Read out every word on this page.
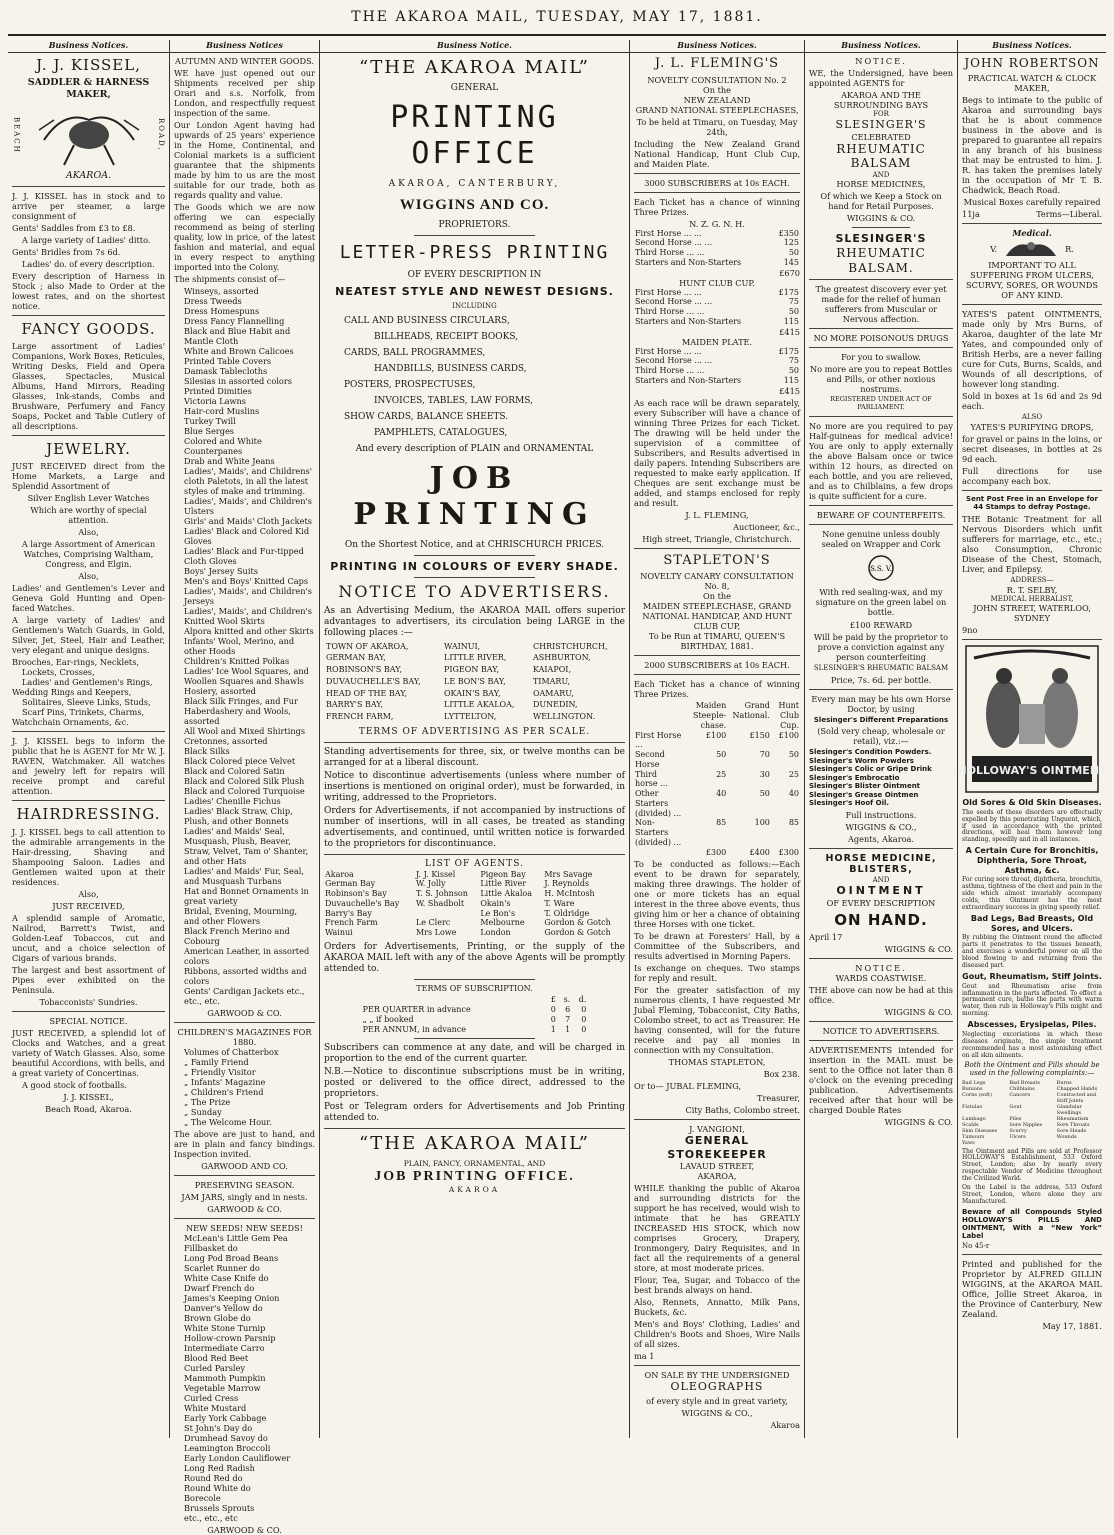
THE AKAROA MAIL, TUESDAY, MAY 17, 1881.
Business Notices.
J. J. KISSEL,
SADDLER & HARNESS MAKER,
BEACH	ROAD,
AKAROA.

J. J. KISSEL has in stock and to arrive per steamer, a large consignment of

Gents' Saddles from £3 to £8.

A large variety of Ladies' ditto.

Gents' Bridles from 7s 6d.

Ladies' do. of every description.

Every description of Harness in Stock ; also Made to Order at the lowest rates, and on the shortest notice.

FANCY GOODS.

Large assortment of Ladies' Companions, Work Boxes, Reticules, Writing Desks, Field and Opera Glasses, Spectacles, Musical Albums, Hand Mirrors, Reading Glasses, Ink-stands, Combs and Brushware, Perfumery and Fancy Soaps, Pocket and Table Cutlery of all descriptions.

JEWELRY.

JUST RECEIVED direct from the Home Markets, a Large and Splendid Assortment of

Silver English Lever Watches

Which are worthy of special attention.

Also,

A large Assortment of American Watches, Comprising Waltham, Congress, and Elgin.

Also,

Ladies' and Gentlemen's Lever and Geneva Gold Hunting and Open-faced Watches.

A large variety of Ladies' and Gentlemen's Watch Guards, in Gold, Silver, Jet, Steel, Hair and Leather, very elegant and unique designs.

Brooches, Ear-rings, Necklets,
Lockets, Crosses,
Ladies' and Gentlemen's Rings,
Wedding Rings and Keepers,
Solitaires, Sleeve Links, Studs,
Scarf Pins, Trinkets, Charms,
Watchchain Ornaments, &c.

J. J. KISSEL begs to inform the public that he is AGENT for Mr W. J. RAVEN, Watchmaker. All watches and jewelry left for repairs will receive prompt and careful attention.

HAIRDRESSING.

J. J. KISSEL begs to call attention to the admirable arrangements in the Hair-dressing, Shaving and Shampooing Saloon. Ladies and Gentlemen waited upon at their residences.

Also,

JUST RECEIVED,

A splendid sample of Aromatic, Nailrod, Barrett's Twist, and Golden-Leaf Tobaccos, cut and uncut, and a choice selection of Cigars of various brands.

The largest and best assortment of Pipes ever exhibited on the Peninsula.

Tobacconists' Sundries.

SPECIAL NOTICE.

JUST RECEIVED, a splendid lot of Clocks and Watches, and a great variety of Watch Glasses. Also, some beautiful Accordions, with bells, and a great variety of Concertinas.

A good stock of footballs.

J. J. KISSEL,

Beach Road, Akaroa.

Business Notices
AUTUMN AND WINTER GOODS.

WE have just opened out our Shipments received per ship Orari and s.s. Norfolk, from London, and respectfully request inspection of the same.

Our London Agent having had upwards of 25 years' experience in the Home, Continental, and Colonial markets is a sufficient guarantee that the shipments made by him to us are the most suitable for our trade, both as regards quality and value.

The Goods which we are now offering we can especially recommend as being of sterling quality, low in price, of the latest fashion and material, and equal in every respect to anything imported into the Colony.

The shipments consist of—

Winseys, assorted
Dress Tweeds
Dress Homespuns
Dress Fancy Flannelling
Black and Blue Habit and Mantle Cloth
White and Brown Calicoes
Printed Table Covers
Damask Tablecloths
Silesias in assorted colors
Printed Dimities
Victoria Lawns
Hair-cord Muslins
Turkey Twill
Blue Serges
Colored and White Counterpanes
Drab and White Jeans
Ladies', Maids', and Childrens' cloth Paletots, in all the latest styles of make and trimming.
Ladies', Maids', and Children's Ulsters
Girls' and Maids' Cloth Jackets
Ladies' Black and Colored Kid Gloves
Ladies' Black and Fur-tipped Cloth Gloves
Boys' Jersey Suits
Men's and Boys' Knitted Caps
Ladies', Maids', and Children's Jerseys
Ladies', Maids', and Children's Knitted Wool Skirts
Alpora knitted and other Skirts
Infants' Wool, Merino, and other Hoods
Children's Knitted Polkas
Ladies' Ice Wool Squares, and Woollen Squares and Shawls
Hosiery, assorted
Black Silk Fringes, and Fur
Haberdashery and Wools, assorted
All Wool and Mixed Shirtings
Cretonnes, assorted
Black Silks
Black Colored piece Velvet
Black and Colored Satin
Black and Colored Silk Plush
Black and Colored Turquoise
Ladies' Chenille Fichus
Ladies' Black Straw, Chip, Plush, and other Bonnets
Ladies' and Maids' Seal, Musquash, Plush, Beaver, Straw, Velvet, Tam o' Shanter, and other Hats
Ladies' and Maids' Fur, Seal, and Musquash Turbans
Hat and Bonnet Ornaments in great variety
Bridal, Evening, Mourning, and other Flowers
Black French Merino and Cobourg
American Leather, in assorted colors
Ribbons, assorted widths and colors
Gents' Cardigan Jackets etc., etc., etc.

GARWOOD & CO.

CHILDREN'S MAGAZINES FOR 1880.
Volumes of Chatterbox
„ Family Friend
„ Friendly Visitor
„ Infants' Magazine
„ Children's Friend
„ The Prize
„ Sunday
„ The Welcome Hour.

The above are just to hand, and are in plain and fancy bindings. Inspection invited.

GARWOOD AND CO.

PRESERVING SEASON.

JAM JARS, singly and in nests.

GARWOOD & CO.

NEW SEEDS! NEW SEEDS!
McLean's Little Gem Pea
Fillbasket do
Long Pod Broad Beans
Scarlet Runner do
White Case Knife do
Dwarf French do
James's Keeping Onion
Danver's Yellow do
Brown Globe do
White Stone Turnip
Hollow-crown Parsnip
Intermediate Carro
Blood Red Beet
Curled Parsley
Mammoth Pumpkin
Vegetable Marrow
Curled Cress
White Mustard
Early York Cabbage
St John's Day do
Drumhead Savoy do
Leamington Broccoli
Early London Cauliflower
Long Red Radish
Round Red do
Round White do
Borecole
Brussels Sprouts
etc., etc., etc

GARWOOD & CO.

Business Notice.
“THE AKAROA MAIL”
GENERAL
PRINTING OFFICE
AKAROA, CANTERBURY,
WIGGINS AND CO.
PROPRIETORS.
LETTER-PRESS PRINTING
OF EVERY DESCRIPTION IN
NEATEST STYLE AND NEWEST DESIGNS.
INCLUDING
CALL AND BUSINESS CIRCULARS,
BILLHEADS, RECEIPT BOOKS,
CARDS, BALL PROGRAMMES,
HANDBILLS, BUSINESS CARDS,
POSTERS, PROSPECTUSES,
INVOICES, TABLES, LAW FORMS,
SHOW CARDS, BALANCE SHEETS.
PAMPHLETS, CATALOGUES,
And every description of PLAIN and ORNAMENTAL
JOB PRINTING
On the Shortest Notice, and at CHRISCHURCH PRICES.
PRINTING IN COLOURS OF EVERY SHADE.
NOTICE TO ADVERTISERS.

As an Advertising Medium, the AKAROA MAIL offers superior advantages to advertisers, its circulation being LARGE in the following places :—

TOWN OF AKAROA,	WAINUI,	CHRISTCHURCH,
GERMAN BAY,	LITTLE RIVER,	ASHBURTON,
ROBINSON'S BAY,	PIGEON BAY,	KAIAPOI,
DUVAUCHELLE'S BAY,	LE BON'S BAY,	TIMARU,
HEAD OF THE BAY,	OKAIN'S BAY,	OAMARU,
BARRY'S BAY,	LITTLE AKALOA,	DUNEDIN,
FRENCH FARM,	LYTTELTON,	WELLINGTON.
TERMS OF ADVERTISING AS PER SCALE.

Standing advertisements for three, six, or twelve months can be arranged for at a liberal discount.

Notice to discontinue advertisements (unless where number of insertions is mentioned on original order), must be forwarded, in writing, addressed to the Proprietors.

Orders for Advertisements, if not accompanied by instructions of number of insertions, will in all cases, be treated as standing advertisements, and continued, until written notice is forwarded to the proprietors for discontinuance.

LIST OF AGENTS.
Akaroa	J. J. Kissel	Pigeon Bay	Mrs Savage
German Bay	W. Jolly	Little River	J. Reynolds
Robinson's Bay	T. S. Johnson	Little Akaloa	H. McIntosh
Duvauchelle's Bay	W. Shadbolt	Okain's	T. Ware
Barry's Bay		Le Bon's	T. Oldridge
French Farm	Le Clerc	Melbourne	Gordon & Gotch
Wainui	Mrs Lowe	London	Gordon & Gotch

Orders for Advertisements, Printing, or the supply of the AKAROA MAIL left with any of the above Agents will be promptly attended to.

TERMS OF SUBSCRIPTION.
	£	s.	d.
PER QUARTER in advance	0	6	0
„ „ if booked	0	7	0
PER ANNUM, in advance	1	1	0

Subscribers can commence at any date, and will be charged in proportion to the end of the current quarter.

N.B.—Notice to discontinue subscriptions must be in writing, posted or delivered to the office direct, addressed to the proprietors.

Post or Telegram orders for Advertisements and Job Printing attended to.

“THE AKAROA MAIL”
PLAIN, FANCY, ORNAMENTAL, AND
JOB PRINTING OFFICE.
AKAROA
Business Notices.
J. L. FLEMING'S
NOVELTY CONSULTATION No. 2
On the
NEW ZEALAND
GRAND NATIONAL STEEPLECHASES,

To be held at Timaru, on Tuesday, May 24th,

Including the New Zealand Grand National Handicap, Hunt Club Cup, and Maiden Plate.

3000 SUBSCRIBERS at 10s EACH.

Each Ticket has a chance of winning Three Prizes.

N. Z. G. N. H.
First Horse ... ...	£350
Second Horse ... ...	125
Third Horse ... ...	50
Starters and Non-Starters	145
£670
HUNT CLUB CUP.
First Horse ... ...	£175
Second Horse ... ...	75
Third Horse ... ...	50
Starters and Non-Starters	115
£415
MAIDEN PLATE.
First Horse ... ...	£175
Second Horse ... ...	75
Third Horse ... ...	50
Starters and Non-Starters	115
£415

As each race will be drawn separately, every Subscriber will have a chance of winning Three Prizes for each Ticket. The drawing will be held under the supervision of a committee of Subscribers, and Results advertised in daily papers. Intending Subscribers are requested to make early application. If Cheques are sent exchange must be added, and stamps enclosed for reply and result.

J. L. FLEMING,

Auctioneer, &c.,

High street, Triangle, Christchurch.

STAPLETON'S
NOVELTY CANARY CONSULTATION No. 8,
On the
MAIDEN STEEPLECHASE, GRAND NATIONAL HANDICAP, AND HUNT CLUB CUP,
To be Run at TIMARU, QUEEN'S BIRTHDAY, 1881.
2000 SUBSCRIBERS at 10s EACH.

Each Ticket has a chance of winning Three Prizes.

	Maiden Steeple-chase.	Grand National.	Hunt Club Cup.
First Horse ...	£100	£150	£100
Second Horse	50	70	50
Third horse ...	25	30	25
Other Starters (divided) ...	40	50	40
Non-Starters (divided) ...	85	100	85
	£300	£400	£300

To be conducted as follows:—Each event to be drawn for separately, making three drawings. The holder of one or more tickets has an equal interest in the three above events, thus giving him or her a chance of obtaining three Horses with one ticket.

To be drawn at Foresters' Hall, by a Committee of the Subscribers, and results advertised in Morning Papers.

Is exchange on cheques. Two stamps for reply and result.

For the greater satisfaction of my numerous clients, I have requested Mr Jubal Fleming, Tobacconist, City Baths, Colombo street, to act as Treasurer. He having consented, will for the future receive and pay all monies in connection with my Consultation.

THOMAS STAPLETON,

Box 238.

Or to— JUBAL FLEMING,

Treasurer,

City Baths, Colombo street.

J. VANGIONI,
GENERAL STOREKEEPER
LAVAUD STREET,
AKAROA,

WHILE thanking the public of Akaroa and surrounding districts for the support he has received, would wish to intimate that he has GREATLY INCREASED HIS STOCK, which now comprises Grocery, Drapery, Ironmongery, Dairy Requisites, and in fact all the requirements of a general store, at most moderate prices.

Flour, Tea, Sugar, and Tobacco of the best brands always on hand.

Also, Rennets, Annatto, Milk Pans, Buckets, &c.

Men's and Boys' Clothing, Ladies' and Children's Boots and Shoes, Wire Nails of all sizes.

ma 1

ON SALE BY THE UNDERSIGNED
OLEOGRAPHS

of every style and in great variety,

WIGGINS & CO.,

Akaroa

Business Notices.
NOTICE.

WE, the Undersigned, have been appointed AGENTS for

AKAROA AND THE SURROUNDING BAYS
FOR
SLESINGER'S
CELEBRATED
RHEUMATIC BALSAM
AND
HORSE MEDICINES,

Of which we Keep a Stock on hand for Retail Purposes.

WIGGINS & CO.

SLESINGER'S
RHEUMATIC BALSAM.

The greatest discovery ever yet made for the relief of human sufferers from Muscular or Nervous affection.

NO MORE POISONOUS DRUGS

For you to swallow.

No more are you to repeat Bottles and Pills, or other noxious nostrums.

REGISTERED UNDER ACT OF PARLIAMENT.

No more are you required to pay Half-guineas for medical advice! You are only to apply externally the above Balsam once or twice within 12 hours, as directed on each bottle, and you are relieved, and as to Chilblains, a few drops is quite sufficient for a cure.

BEWARE OF COUNTERFEITS.

None genuine unless doubly sealed on Wrapper and Cork

S.S. V.

With red sealing-wax, and my signature on the green label on bottle.

£100 REWARD

Will be paid by the proprietor to prove a conviction against any person counterfeiting

SLESINGER'S RHEUMATIC BALSAM

Price, 7s. 6d. per bottle.

Every man may be his own Horse Doctor, by using

Slesinger's Different Preparations

(Sold very cheap, wholesale or retail), viz.:—

Slesinger's Condition Powders.
Slesinger's Worm Powders
Slesinger's Colic or Gripe Drink
Slesinger's Embrocatio
Slesinger's Blister Ointment
Slesinger's Grease Ointmen
Slesinger's Hoof Oil.

Full instructions.

WIGGINS & CO.,

Agents, Akaroa.

HORSE MEDICINE, BLISTERS,
AND
OINTMENT
OF EVERY DESCRIPTION
ON HAND.

April 17

WIGGINS & CO.

NOTICE.
WARDS COASTWISE.

THE above can now be had at this office.

WIGGINS & CO.

NOTICE TO ADVERTISERS.

ADVERTISEMENTS intended for insertion in the MAIL must be sent to the Office not later than 8 o'clock on the evening preceding publication. Advertisements received after that hour will be charged Double Rates

WIGGINS & CO.

Business Notices.
JOHN ROBERTSON
PRACTICAL WATCH & CLOCK MAKER,

Begs to intimate to the public of Akaroa and surrounding bays that he is about commence business in the above and is prepared to guarantee all repairs in any branch of his business that may be entrusted to him. J. R. has taken the premises lately in the occupation of Mr T. B. Chadwick, Beach Road.

Musical Boxes carefully repaired

11ja	Terms—Liberal.
Medical.
V.	R.
IMPORTANT TO ALL SUFFERING FROM ULCERS, SCURVY, SORES, OR WOUNDS OF ANY KIND.

YATES'S patent OINTMENTS, made only by Mrs Burns, of Akaroa, daughter of the late Mr Yates, and compounded only of British Herbs, are a never failing cure for Cuts, Burns, Scalds, and Wounds of all descriptions, of however long standing.

Sold in boxes at 1s 6d and 2s 9d each.

ALSO
YATES'S PURIFYING DROPS,

for gravel or pains in the loins, or secret diseases, in bottles at 2s 9d each.

Full directions for use accompany each box.

Sent Post Free in an Envelope for 44 Stamps to defray Postage.

THE Botanic Treatment for all Nervous Disorders which unfit sufferers for marriage, etc., etc.; also Consumption, Chronic Disease of the Chest, Stomach, Liver, and Epilepsy.

ADDRESS—
R. T. SELBY,
MEDICAL HERBALIST,
JOHN STREET, WATERLOO, SYDNEY

9no

HOLLOWAY'S OINTMENT
Old Sores & Old Skin Diseases.

The seeds of these disorders are effectually expelled by this penetrating Unguent, which, if used in accordance with the printed directions, will heal them however long standing, speedily and in all instances.

A Certain Cure for Bronchitis, Diphtheria, Sore Throat, Asthma, &c.

For curing sore throat, diphtheria, bronchitis, asthma, tightness of the chest and pain in the side which almost invariably accompany colds, this Ointment has the most extraordinary success in giving speedy relief.

Bad Legs, Bad Breasts, Old Sores, and Ulcers.

By rubbing the Ointment round the affected parts it penetrates to the tissues beneath, and exercises a wonderful power on all the blood flowing to and returning from the diseased part.

Gout, Rheumatism, Stiff Joints.

Gout and Rheumatism arise from inflammation in the parts affected. To effect a permanent cure, bathe the parts with warm water, then rub in Holloway's Pills might and morning.

Abscesses, Erysipelas, Piles.

Neglecting excoriations in which these diseases originate, the simple treatment recommended has a most astonishing effect on all skin ailments.

Both the Ointment and Pills should be used in the following complaints:—

Bad Legs	Bad Breasts	Burns
Bunions	Chilblains	Chapped Hands
Corns (soft)	Cancers	Contracted and Stiff Joints
Fistulas	Gout	Glandular Swellings
Lumbago	Piles	Rheumatism
Scalds	Sore Nipples	Sore Throats
Skin Diseases	Scurvy	Sore Heads
Tumours	Ulcers	Wounds
Yaws

The Ointment and Pills are sold at Professor HOLLOWAY'S Establishment, 533 Oxford Street, London; also by nearly every respectable Vendor of Medicine throughout the Civilized World.

On the Label is the address, 533 Oxford Street, London, where alone they are Manufactured.

Beware of all Compounds Styled HOLLOWAY'S PILLS AND OINTMENT, With a “New York” Label

No 45-r

Printed and published for the Proprietor by ALFRED GILLIN WIGGINS, at the AKAROA MAIL Office, Jollie Street Akaroa, in the Province of Canterbury, New Zealand.

May 17, 1881.
